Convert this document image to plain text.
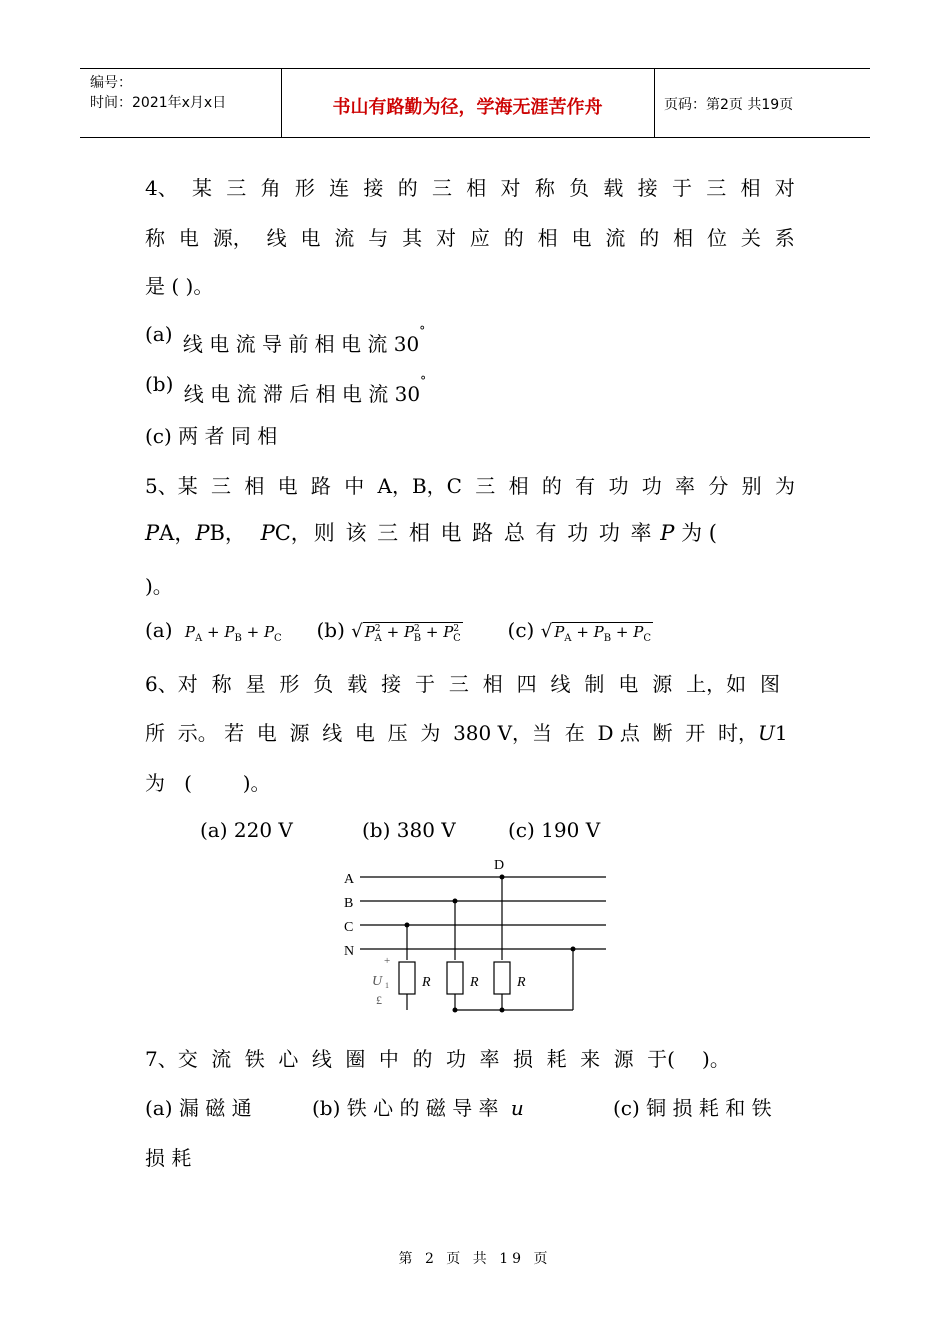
编号：
时间：2021年x月x日	书山有路勤为径，学海无涯苦作舟	页码：第2页 共19页
4、 某 三 角 形 连 接 的 三 相 对 称 负 载 接 于 三 相 对
称 电 源， 线 电 流 与 其 对 应 的 相 电 流 的 相 位 关 系
是 ( )。
(a) 线 电 流 导 前 相 电 流 30°
(b) 线 电 流 滞 后 相 电 流 30°
(c) 两 者 同 相
5、某 三 相 电 路 中 A，B，C 三 相 的 有 功 功 率 分 别 为
PA，PB， PC，则 该 三 相 电 路 总 有 功 功 率 P 为 (
)。
(a) $P_A + P_B + P_C$ (b) √ $P^2_A + P^2_B + P^2_C$ (c) √ $P_A + P_B + P_C$
6、对 称 星 形 负 载 接 于 三 相 四 线 制 电 源 上，如 图
所  示。 若  电  源  线  电  压  为  380 V，当  在  D 点  断  开  时，U1
为   (        )。
(a) 220 V	(b) 380 V	(c) 190 V
A
B
C
N
D
+
U 1
£
R	R	R
7、交 流 铁 心 线 圈 中 的 功 率 损 耗 来 源 于( )。
(a) 漏 磁 通	(b) 铁 心 的 磁 导 率 u	(c) 铜 损 耗 和 铁
损 耗
第 2 页 共 19 页
